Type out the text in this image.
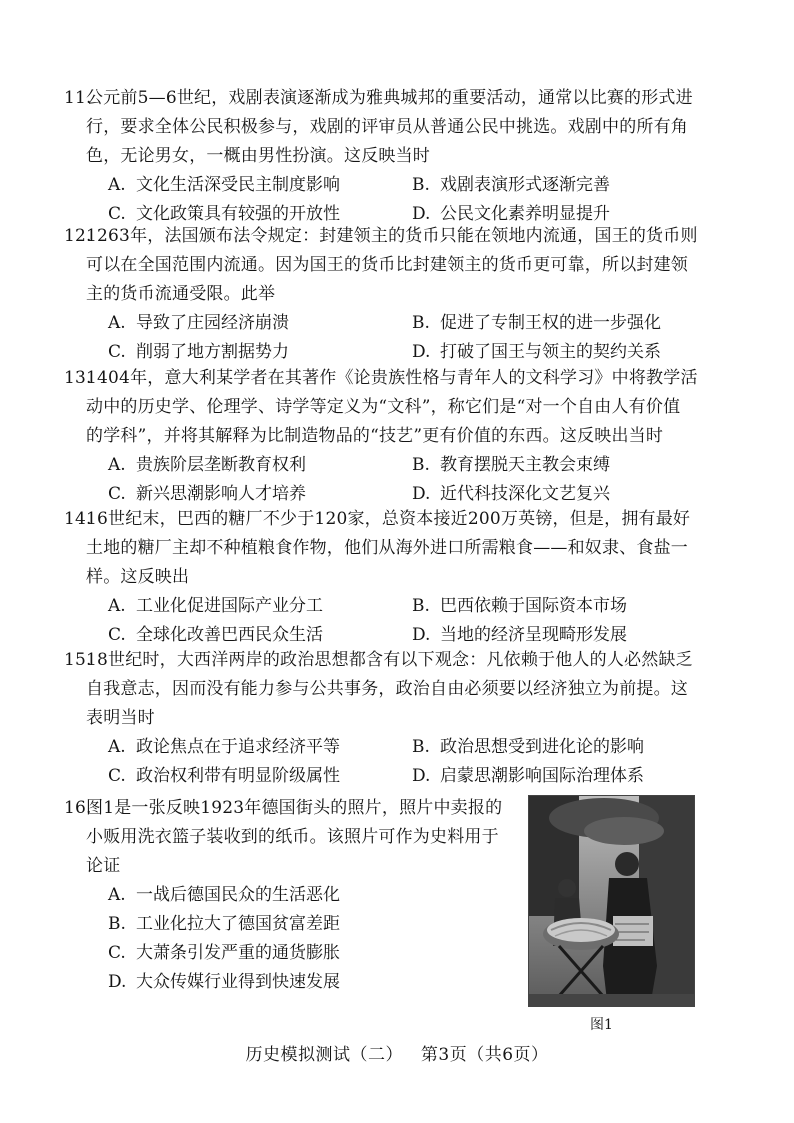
11.公元前5—6世纪，戏剧表演逐渐成为雅典城邦的重要活动，通常以比赛的形式进
行，要求全体公民积极参与，戏剧的评审员从普通公民中挑选。戏剧中的所有角
色，无论男女，一概由男性扮演。这反映当时
A. 文化生活深受民主制度影响	B. 戏剧表演形式逐渐完善
C. 文化政策具有较强的开放性	D. 公民文化素养明显提升
12.1263年，法国颁布法令规定：封建领主的货币只能在领地内流通，国王的货币则
可以在全国范围内流通。因为国王的货币比封建领主的货币更可靠，所以封建领
主的货币流通受限。此举
A. 导致了庄园经济崩溃	B. 促进了专制王权的进一步强化
C. 削弱了地方割据势力	D. 打破了国王与领主的契约关系
13.1404年，意大利某学者在其著作《论贵族性格与青年人的文科学习》中将教学活
动中的历史学、伦理学、诗学等定义为“文科”，称它们是“对一个自由人有价值
的学科”，并将其解释为比制造物品的“技艺”更有价值的东西。这反映出当时
A. 贵族阶层垄断教育权利	B. 教育摆脱天主教会束缚
C. 新兴思潮影响人才培养	D. 近代科技深化文艺复兴
14.16世纪末，巴西的糖厂不少于120家，总资本接近200万英镑，但是，拥有最好
土地的糖厂主却不种植粮食作物，他们从海外进口所需粮食——和奴隶、食盐一
样。这反映出
A. 工业化促进国际产业分工	B. 巴西依赖于国际资本市场
C. 全球化改善巴西民众生活	D. 当地的经济呈现畸形发展
15.18世纪时，大西洋两岸的政治思想都含有以下观念：凡依赖于他人的人必然缺乏
自我意志，因而没有能力参与公共事务，政治自由必须要以经济独立为前提。这
表明当时
A. 政论焦点在于追求经济平等	B. 政治思想受到进化论的影响
C. 政治权利带有明显阶级属性	D. 启蒙思潮影响国际治理体系
16.图1是一张反映1923年德国街头的照片，照片中卖报的
小贩用洗衣篮子装收到的纸币。该照片可作为史料用于
论证
A. 一战后德国民众的生活恶化
B. 工业化拉大了德国贫富差距
C. 大萧条引发严重的通货膨胀
D. 大众传媒行业得到快速发展
图1
历史模拟测试（二） 第3页（共6页）
